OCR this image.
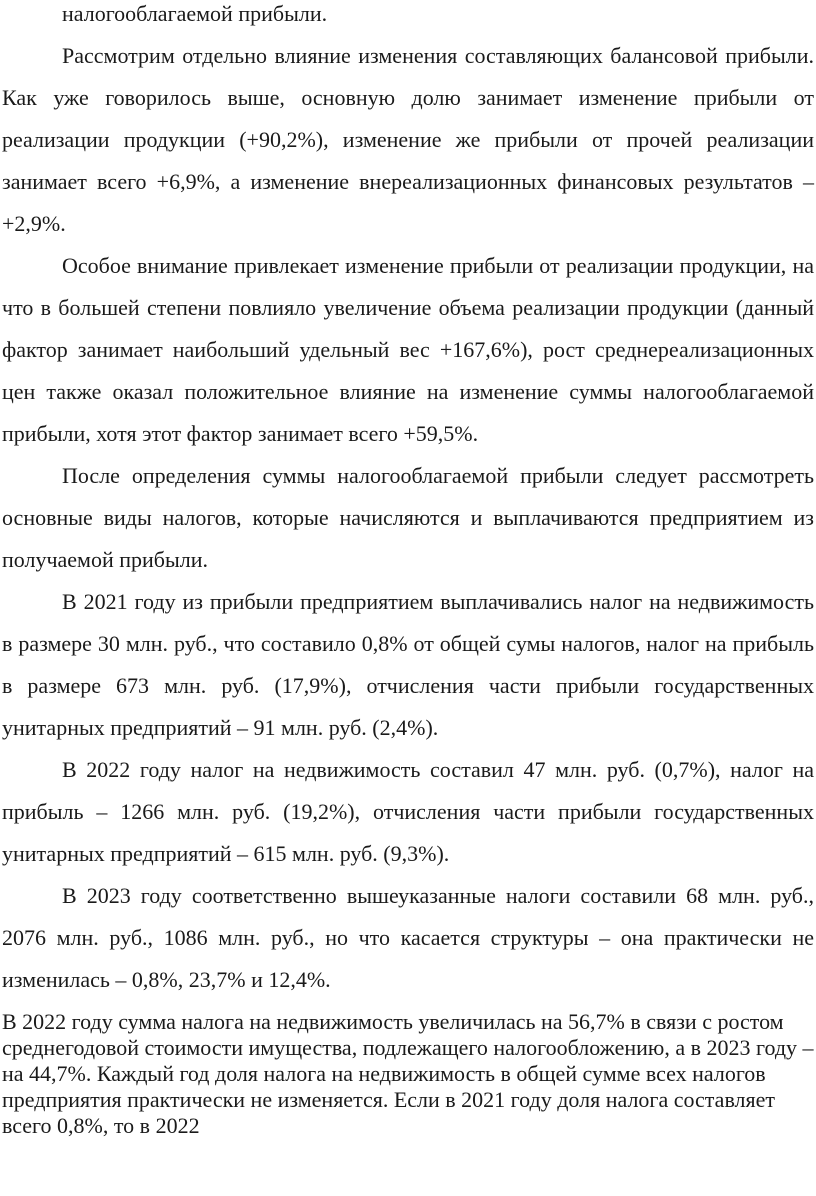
налогооблагаемой прибыли.

Рассмотрим отдельно влияние изменения составляющих балансовой прибыли. Как уже говорилось выше, основную долю занимает изменение прибыли от реализации продукции (+90,2%), изменение же прибыли от прочей реализации занимает всего +6,9%, а изменение внереализационных финансовых результатов – +2,9%.

Особое внимание привлекает изменение прибыли от реализации продукции, на что в большей степени повлияло увеличение объема реализации продукции (данный фактор занимает наибольший удельный вес +167,6%), рост среднереализационных цен также оказал положительное влияние на изменение суммы налогооблагаемой прибыли, хотя этот фактор занимает всего +59,5%.

После определения суммы налогооблагаемой прибыли следует рассмотреть основные виды налогов, которые начисляются и выплачиваются предприятием из получаемой прибыли.

В 2021 году из прибыли предприятием выплачивались налог на недвижимость в размере 30 млн. руб., что составило 0,8% от общей сумы налогов, налог на прибыль в размере 673 млн. руб. (17,9%), отчисления части прибыли государственных унитарных предприятий – 91 млн. руб. (2,4%).

В 2022 году налог на недвижимость составил 47 млн. руб. (0,7%), налог на прибыль – 1266 млн. руб. (19,2%), отчисления части прибыли государственных унитарных предприятий – 615 млн. руб. (9,3%).

В 2023 году соответственно вышеуказанные налоги составили 68 млн. руб., 2076 млн. руб., 1086 млн. руб., но что касается структуры – она практически не изменилась – 0,8%, 23,7% и 12,4%.

В 2022 году сумма налога на недвижимость увеличилась на 56,7% в связи с ростом среднегодовой стоимости имущества, подлежащего налогообложению, а в 2023 году – на 44,7%. Каждый год доля налога на недвижимость в общей сумме всех налогов предприятия практически не изменяется. Если в 2021 году доля налога составляет всего 0,8%, то в 2022
